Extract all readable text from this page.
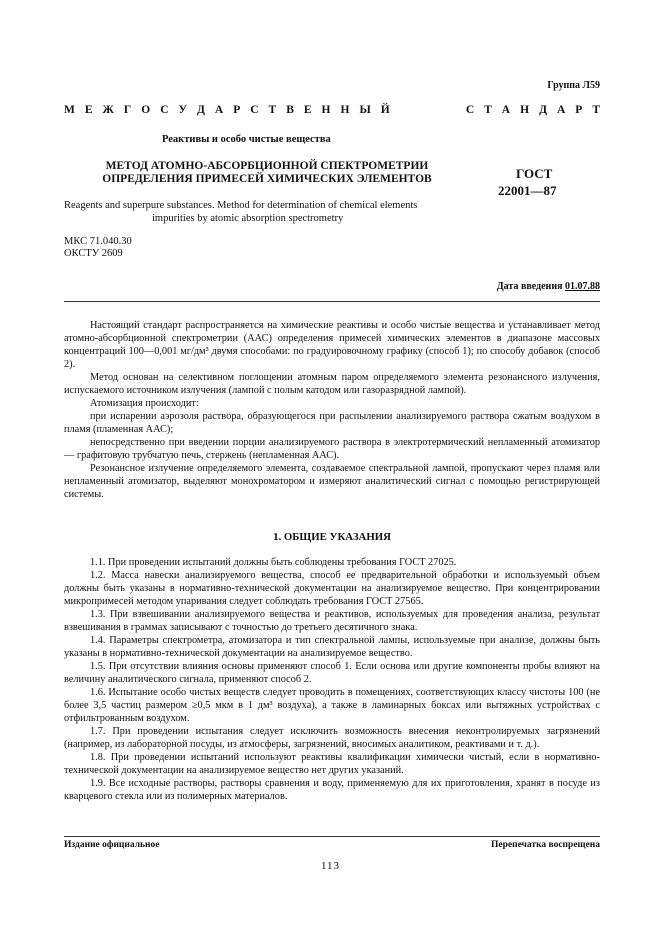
Группа Л59
М Е Ж Г О С У Д А Р С Т В Е Н Н Ы Й	С Т А Н Д А Р Т
Реактивы и особо чистые вещества
МЕТОД АТОМНО-АБСОРБЦИОННОЙ СПЕКТРОМЕТРИИ
ОПРЕДЕЛЕНИЯ ПРИМЕСЕЙ ХИМИЧЕСКИХ ЭЛЕМЕНТОВ	ГОСТ
22001—87
Reagents and superpure substances. Method for determination of chemical elements
impurities by atomic absorption spectrometry
МКС 71.040.30
ОКСТУ 2609
Дата введения 01.07.88

Настоящий стандарт распространяется на химические реактивы и особо чистые вещества и устанавливает метод атомно-абсорбционной спектрометрии (ААС) определения примесей химических элементов в диапазоне массовых концентраций 100—0,001 мг/дм³ двумя способами: по градуировочному графику (способ 1); по способу добавок (способ 2).

Метод основан на селективном поглощении атомным паром определяемого элемента резонансного излучения, испускаемого источником излучения (лампой с полым катодом или газоразрядной лампой).

Атомизация происходит:

при испарении аэрозоля раствора, образующегося при распылении анализируемого раствора сжатым воздухом в пламя (пламенная ААС);

непосредственно при введении порции анализируемого раствора в электротермический непламенный атомизатор — графитовую трубчатую печь, стержень (непламенная ААС).

Резонансное излучение определяемого элемента, создаваемое спектральной лампой, пропускают через пламя или непламенный атомизатор, выделяют монохроматором и измеряют аналитический сигнал с помощью регистрирующей системы.

1. ОБЩИЕ УКАЗАНИЯ

1.1. При проведении испытаний должны быть соблюдены требования ГОСТ 27025.

1.2. Масса навески анализируемого вещества, способ ее предварительной обработки и используемый объем должны быть указаны в нормативно-технической документации на анализируемое вещество. При концентрировании микропримесей методом упаривания следует соблюдать требования ГОСТ 27565.

1.3. При взвешивании анализируемого вещества и реактивов, используемых для проведения анализа, результат взвешивания в граммах записывают с точностью до третьего десятичного знака.

1.4. Параметры спектрометра, атомизатора и тип спектральной лампы, используемые при анализе, должны быть указаны в нормативно-технической документации на анализируемое вещество.

1.5. При отсутствии влияния основы применяют способ 1. Если основа или другие компоненты пробы влияют на величину аналитического сигнала, применяют способ 2.

1.6. Испытание особо чистых веществ следует проводить в помещениях, соответствующих классу чистоты 100 (не более 3,5 частиц размером ≥0,5 мкм в 1 дм³ воздуха), а также в ламинарных боксах или вытяжных устройствах с отфильтрованным воздухом.

1.7. При проведении испытания следует исключить возможность внесения неконтролируемых загрязнений (например, из лабораторной посуды, из атмосферы, загрязнений, вносимых аналитиком, реактивами и т. д.).

1.8. При проведении испытаний используют реактивы квалификации химически чистый, если в нормативно-технической документации на анализируемое вещество нет других указаний.

1.9. Все исходные растворы, растворы сравнения и воду, применяемую для их приготовления, хранят в посуде из кварцевого стекла или из полимерных материалов.

Издание официальное	Перепечатка воспрещена
113
